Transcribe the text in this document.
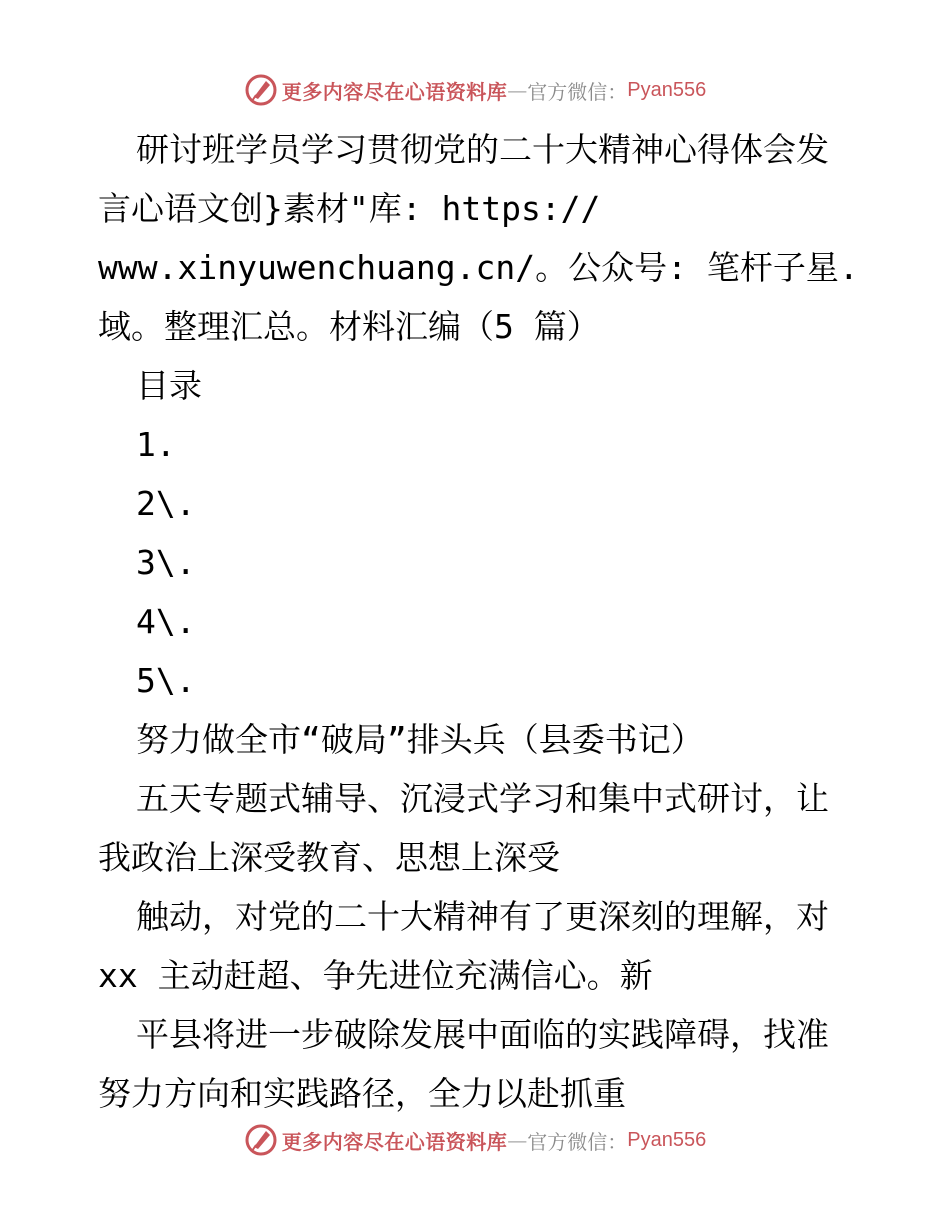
更多内容尽在心语资料库 — 官方微信： Pyan556
研讨班学员学习贯彻党的二十大精神心得体会发
言心语文创}素材"库: https://
www.xinyuwenchuang.cn/。公众号: 笔杆子星.
域。整理汇总。材料汇编（5 篇）
目录
1.
2\.
3\.
4\.
5\.
努力做全市“破局”排头兵（县委书记）
五天专题式辅导、沉浸式学习和集中式研讨，让
我政治上深受教育、思想上深受
触动，对党的二十大精神有了更深刻的理解，对
xx 主动赶超、争先进位充满信心。新
平县将进一步破除发展中面临的实践障碍，找准
努力方向和实践路径，全力以赴抓重
更多内容尽在心语资料库 — 官方微信： Pyan556
